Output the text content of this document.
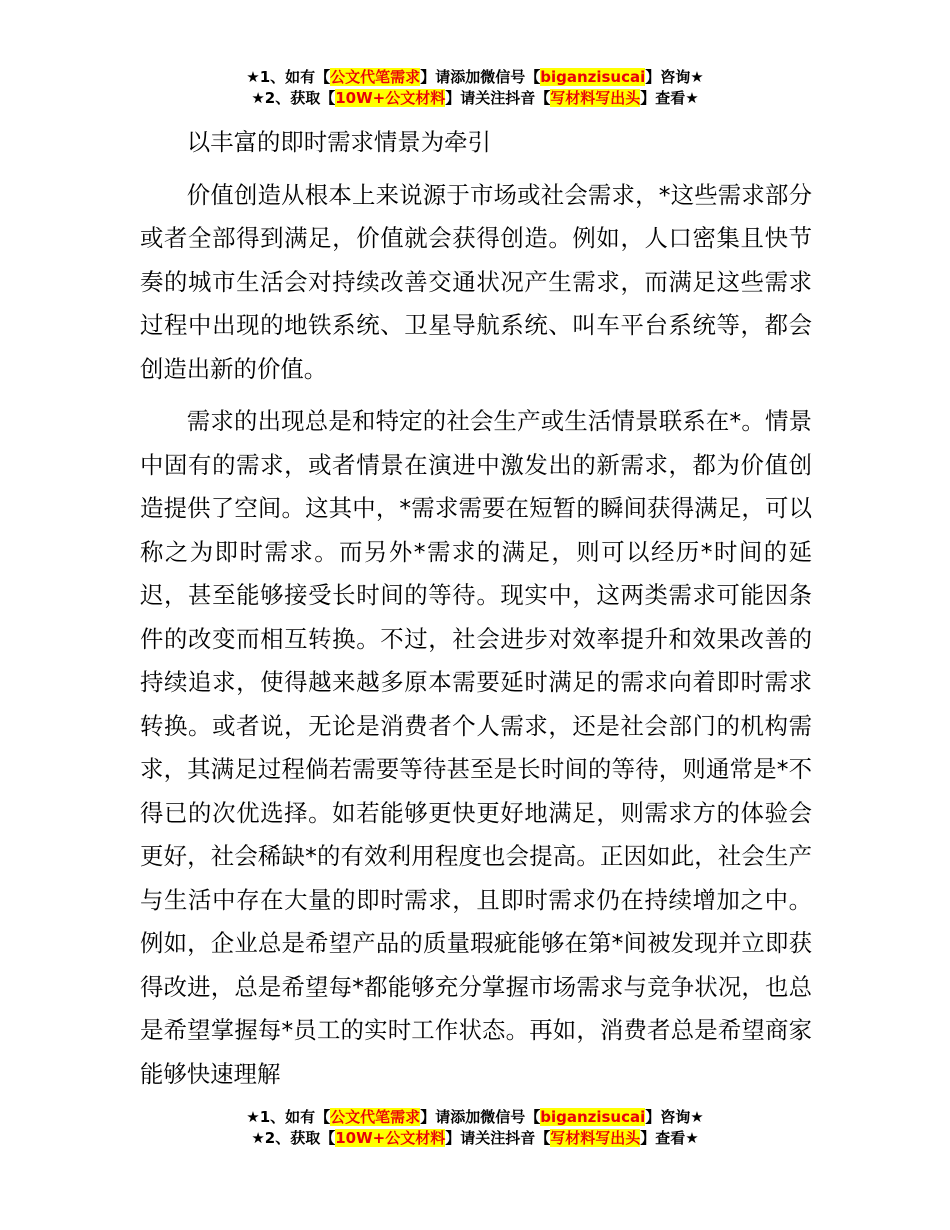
★1、如有【公文代笔需求】请添加微信号【biganzisucai】咨询★
★2、获取【10W+公文材料】请关注抖音【写材料写出头】查看★

以丰富的即时需求情景为牵引

价值创造从根本上来说源于市场或社会需求，*这些需求部分或者全部得到满足，价值就会获得创造。例如，人口密集且快节奏的城市生活会对持续改善交通状况产生需求，而满足这些需求过程中出现的地铁系统、卫星导航系统、叫车平台系统等，都会创造出新的价值。

需求的出现总是和特定的社会生产或生活情景联系在*。情景中固有的需求，或者情景在演进中激发出的新需求，都为价值创造提供了空间。这其中，*需求需要在短暂的瞬间获得满足，可以称之为即时需求。而另外*需求的满足，则可以经历*时间的延迟，甚至能够接受长时间的等待。现实中，这两类需求可能因条件的改变而相互转换。不过，社会进步对效率提升和效果改善的持续追求，使得越来越多原本需要延时满足的需求向着即时需求转换。或者说，无论是消费者个人需求，还是社会部门的机构需求，其满足过程倘若需要等待甚至是长时间的等待，则通常是*不得已的次优选择。如若能够更快更好地满足，则需求方的体验会更好，社会稀缺*的有效利用程度也会提高。正因如此，社会生产与生活中存在大量的即时需求，且即时需求仍在持续增加之中。例如，企业总是希望产品的质量瑕疵能够在第*间被发现并立即获得改进，总是希望每*都能够充分掌握市场需求与竞争状况，也总是希望掌握每*员工的实时工作状态。再如，消费者总是希望商家能够快速理解

★1、如有【公文代笔需求】请添加微信号【biganzisucai】咨询★
★2、获取【10W+公文材料】请关注抖音【写材料写出头】查看★
